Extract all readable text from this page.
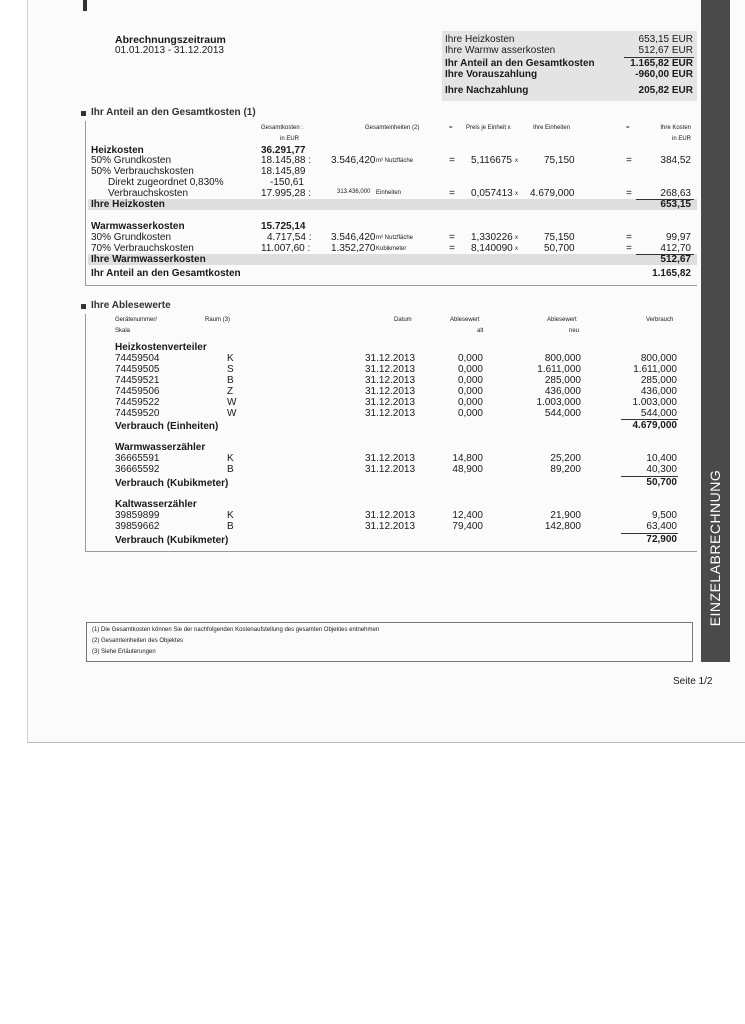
EINZELABRECHNUNG
Abrechnungszeitraum
01.01.2013 - 31.12.2013
Ihre Heizkosten	653,15 EUR
Ihre Warmw asserkosten	512,67 EUR
Ihr Anteil an den Gesamtkosten	1.165,82 EUR
Ihre Vorauszahlung	-960,00 EUR
Ihre Nachzahlung	205,82 EUR
Ihr Anteil an den Gesamtkosten (1)
Gesamtkosten :
in EUR
Gesamteinheiten (2)	= Preis je Einheit x	Ihre Einheiten	=	Ihre Kosten
in EUR
Heizkosten	36.291,77
50% Grundkosten	18.145,88 : 3.546,420 m² Nutzfläche	= 5,116675 x	75,150	=	384,52
50% Verbrauchskosten	18.145,89
Direkt zugeordnet 0,830%	-150,61
Verbrauchskosten	17.995,28 :	313.436,000 Einheiten	= 0,057413 x 4.679,000	=	268,63
Ihre Heizkosten	653,15
Warmwasserkosten	15.725,14
30% Grundkosten	4.717,54 : 3.546,420 m² Nutzfläche	= 1,330226 x	75,150	=	99,97
70% Verbrauchskosten	11.007,60 : 1.352,270 Kubikmeter	= 8,140090 x	50,700	=	412,70
Ihre Warmwasserkosten	512,67
Ihr Anteil an den Gesamtkosten	1.165,82
Ihre Ablesewerte
Gerätenummer/
Skala
Raum (3)	Datum	Ablesewert
alt
Ablesewert
neu
Verbrauch
Heizkostenverteiler
74459504	K	31.12.2013	0,000	800,000	800,000
74459505	S	31.12.2013	0,000	1.611,000	1.611,000
74459521	B	31.12.2013	0,000	285,000	285,000
74459506	Z	31.12.2013	0,000	436,000	436,000
74459522	W	31.12.2013	0,000	1.003,000	1.003,000
74459520	W	31.12.2013	0,000	544,000	544,000
Verbrauch (Einheiten)	4.679,000
Warmwasserzähler
36665591	K	31.12.2013	14,800	25,200	10,400
36665592	B	31.12.2013	48,900	89,200	40,300
Verbrauch (Kubikmeter)	50,700
Kaltwasserzähler
39859899	K	31.12.2013	12,400	21,900	9,500
39859662	B	31.12.2013	79,400	142,800	63,400
Verbrauch (Kubikmeter)	72,900
(1) Die Gesamtkosten können Sie der nachfolgenden Kostenaufstellung des gesamten Objektes entnehmen
(2) Gesamteinheiten des Objektes
(3) Siehe Erläuterungen
Seite 1/2
